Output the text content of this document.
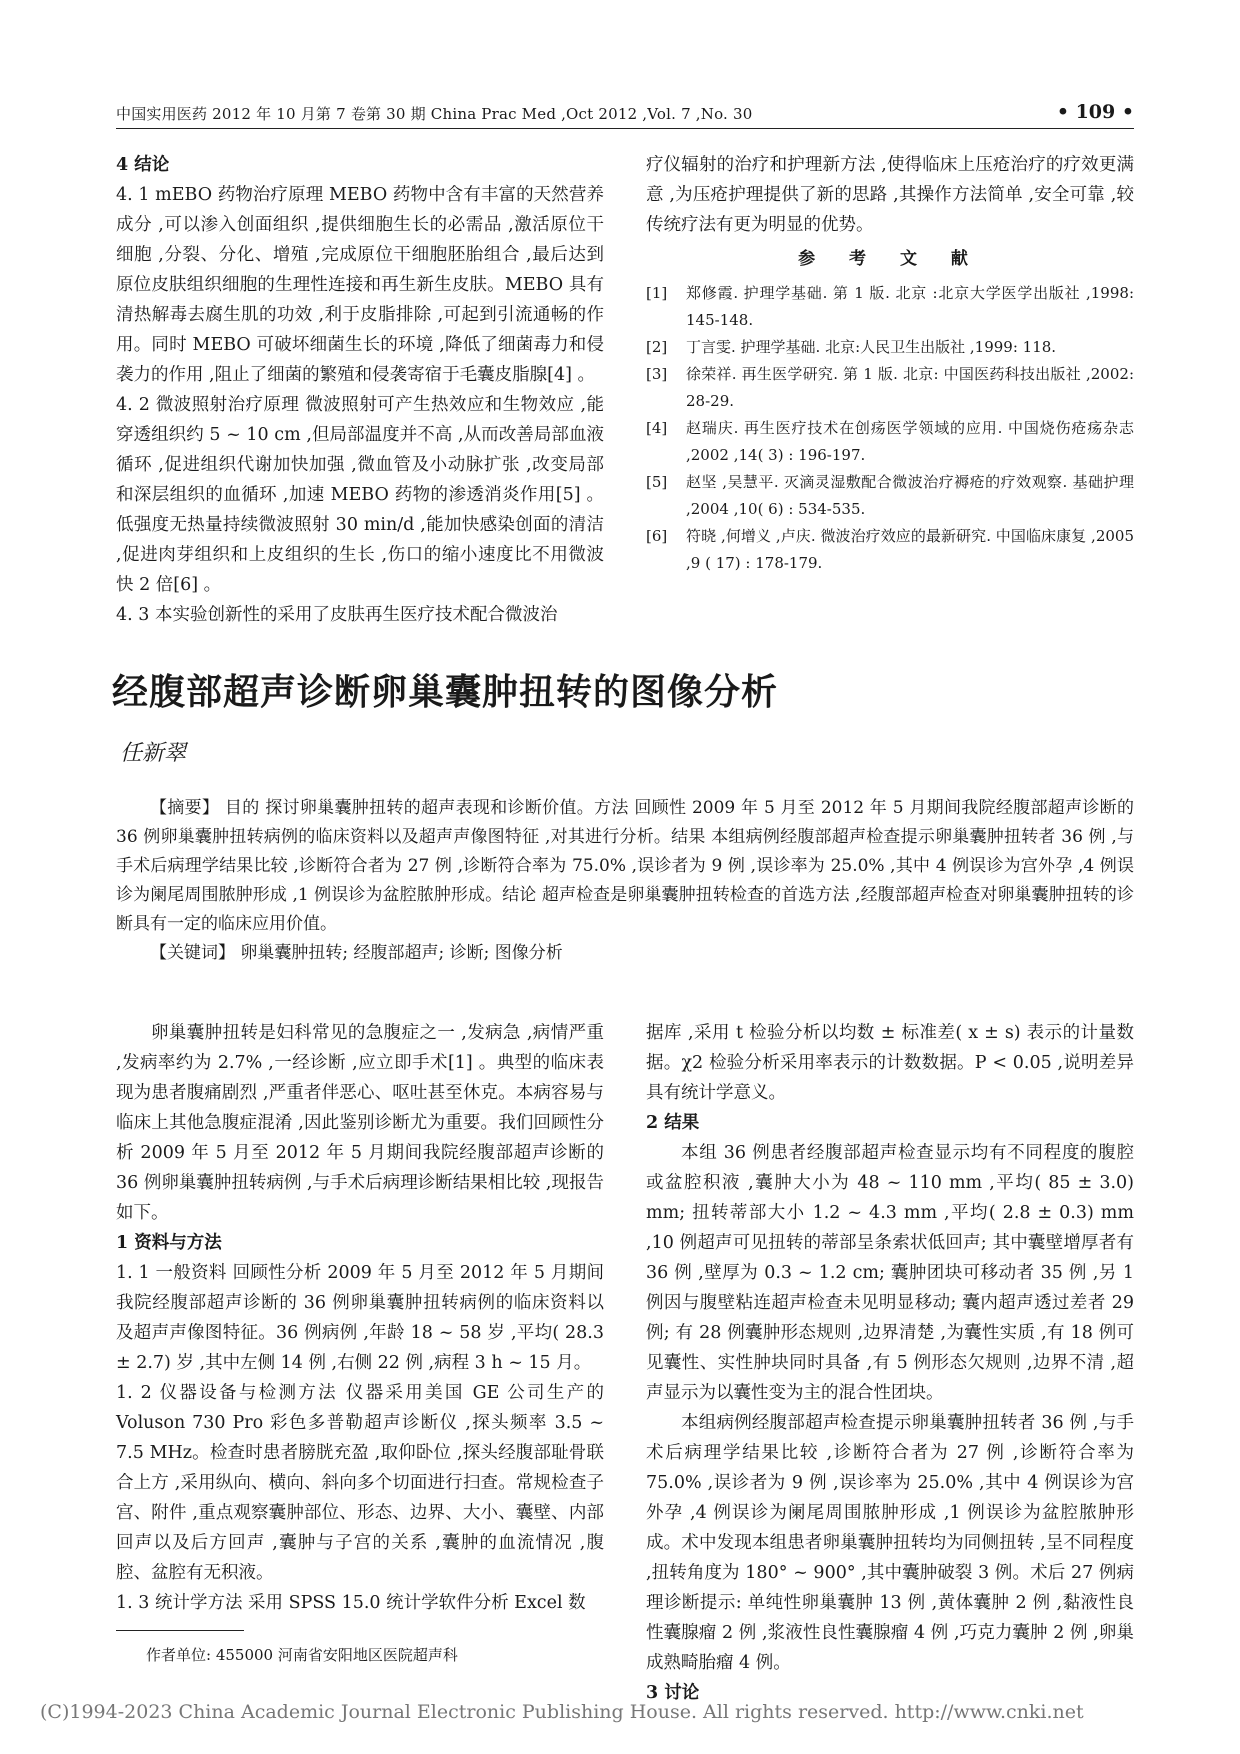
中国实用医药 2012 年 10 月第 7 卷第 30 期 China Prac Med ,Oct 2012 ,Vol. 7 ,No. 30	• 109 •

4 结论

4. 1 mEBO 药物治疗原理 MEBO 药物中含有丰富的天然营养成分 ,可以渗入创面组织 ,提供细胞生长的必需品 ,激活原位干细胞 ,分裂、分化、增殖 ,完成原位干细胞胚胎组合 ,最后达到原位皮肤组织细胞的生理性连接和再生新生皮肤。MEBO 具有清热解毒去腐生肌的功效 ,利于皮脂排除 ,可起到引流通畅的作用。同时 MEBO 可破坏细菌生长的环境 ,降低了细菌毒力和侵袭力的作用 ,阻止了细菌的繁殖和侵袭寄宿于毛囊皮脂腺[4] 。

4. 2 微波照射治疗原理 微波照射可产生热效应和生物效应 ,能穿透组织约 5 ~ 10 cm ,但局部温度并不高 ,从而改善局部血液循环 ,促进组织代谢加快加强 ,微血管及小动脉扩张 ,改变局部和深层组织的血循环 ,加速 MEBO 药物的渗透消炎作用[5] 。低强度无热量持续微波照射 30 min/d ,能加快感染创面的清洁 ,促进肉芽组织和上皮组织的生长 ,伤口的缩小速度比不用微波快 2 倍[6] 。

4. 3 本实验创新性的采用了皮肤再生医疗技术配合微波治

疗仪辐射的治疗和护理新方法 ,使得临床上压疮治疗的疗效更满意 ,为压疮护理提供了新的思路 ,其操作方法简单 ,安全可靠 ,较传统疗法有更为明显的优势。

参 考 文 献
[1]	郑修霞. 护理学基础. 第 1 版. 北京 :北京大学医学出版社 ,1998: 145-148.
[2]	丁言雯. 护理学基础. 北京:人民卫生出版社 ,1999: 118.
[3]	徐荣祥. 再生医学研究. 第 1 版. 北京: 中国医药科技出版社 ,2002: 28-29.
[4]	赵瑞庆. 再生医疗技术在创疡医学领域的应用. 中国烧伤疮疡杂志 ,2002 ,14( 3) : 196-197.
[5]	赵坚 ,吴慧平. 灭滴灵湿敷配合微波治疗褥疮的疗效观察. 基础护理 ,2004 ,10( 6) : 534-535.
[6]	符晓 ,何增义 ,卢庆. 微波治疗效应的最新研究. 中国临床康复 ,2005 ,9 ( 17) : 178-179.
经腹部超声诊断卵巢囊肿扭转的图像分析
任新翠

【摘要】 目的 探讨卵巢囊肿扭转的超声表现和诊断价值。方法 回顾性 2009 年 5 月至 2012 年 5 月期间我院经腹部超声诊断的 36 例卵巢囊肿扭转病例的临床资料以及超声声像图特征 ,对其进行分析。结果 本组病例经腹部超声检查提示卵巢囊肿扭转者 36 例 ,与手术后病理学结果比较 ,诊断符合者为 27 例 ,诊断符合率为 75.0% ,误诊者为 9 例 ,误诊率为 25.0% ,其中 4 例误诊为宫外孕 ,4 例误诊为阑尾周围脓肿形成 ,1 例误诊为盆腔脓肿形成。结论 超声检查是卵巢囊肿扭转检查的首选方法 ,经腹部超声检查对卵巢囊肿扭转的诊断具有一定的临床应用价值。

【关键词】 卵巢囊肿扭转; 经腹部超声; 诊断; 图像分析

卵巢囊肿扭转是妇科常见的急腹症之一 ,发病急 ,病情严重 ,发病率约为 2.7% ,一经诊断 ,应立即手术[1] 。典型的临床表现为患者腹痛剧烈 ,严重者伴恶心、呕吐甚至休克。本病容易与临床上其他急腹症混淆 ,因此鉴别诊断尤为重要。我们回顾性分析 2009 年 5 月至 2012 年 5 月期间我院经腹部超声诊断的 36 例卵巢囊肿扭转病例 ,与手术后病理诊断结果相比较 ,现报告如下。

1 资料与方法

1. 1 一般资料 回顾性分析 2009 年 5 月至 2012 年 5 月期间我院经腹部超声诊断的 36 例卵巢囊肿扭转病例的临床资料以及超声声像图特征。36 例病例 ,年龄 18 ~ 58 岁 ,平均( 28.3 ± 2.7) 岁 ,其中左侧 14 例 ,右侧 22 例 ,病程 3 h ~ 15 月。

1. 2 仪器设备与检测方法 仪器采用美国 GE 公司生产的 Voluson 730 Pro 彩色多普勒超声诊断仪 ,探头频率 3.5 ~ 7.5 MHz。检查时患者膀胱充盈 ,取仰卧位 ,探头经腹部耻骨联合上方 ,采用纵向、横向、斜向多个切面进行扫查。常规检查子宫、附件 ,重点观察囊肿部位、形态、边界、大小、囊壁、内部回声以及后方回声 ,囊肿与子宫的关系 ,囊肿的血流情况 ,腹腔、盆腔有无积液。

1. 3 统计学方法 采用 SPSS 15.0 统计学软件分析 Excel 数

据库 ,采用 t 检验分析以均数 ± 标准差( x ± s) 表示的计量数据。χ2 检验分析采用率表示的计数数据。P < 0.05 ,说明差异具有统计学意义。

2 结果

本组 36 例患者经腹部超声检查显示均有不同程度的腹腔或盆腔积液 ,囊肿大小为 48 ~ 110 mm ,平均( 85 ± 3.0) mm; 扭转蒂部大小 1.2 ~ 4.3 mm ,平均( 2.8 ± 0.3) mm ,10 例超声可见扭转的蒂部呈条索状低回声; 其中囊壁增厚者有 36 例 ,壁厚为 0.3 ~ 1.2 cm; 囊肿团块可移动者 35 例 ,另 1 例因与腹壁粘连超声检查未见明显移动; 囊内超声透过差者 29 例; 有 28 例囊肿形态规则 ,边界清楚 ,为囊性实质 ,有 18 例可见囊性、实性肿块同时具备 ,有 5 例形态欠规则 ,边界不清 ,超声显示为以囊性变为主的混合性团块。

本组病例经腹部超声检查提示卵巢囊肿扭转者 36 例 ,与手术后病理学结果比较 ,诊断符合者为 27 例 ,诊断符合率为 75.0% ,误诊者为 9 例 ,误诊率为 25.0% ,其中 4 例误诊为宫外孕 ,4 例误诊为阑尾周围脓肿形成 ,1 例误诊为盆腔脓肿形成。术中发现本组患者卵巢囊肿扭转均为同侧扭转 ,呈不同程度 ,扭转角度为 180° ~ 900° ,其中囊肿破裂 3 例。术后 27 例病理诊断提示: 单纯性卵巢囊肿 13 例 ,黄体囊肿 2 例 ,黏液性良性囊腺瘤 2 例 ,浆液性良性囊腺瘤 4 例 ,巧克力囊肿 2 例 ,卵巢成熟畸胎瘤 4 例。

3 讨论

作者单位: 455000 河南省安阳地区医院超声科
(C)1994-2023 China Academic Journal Electronic Publishing House. All rights reserved. http://www.cnki.net
